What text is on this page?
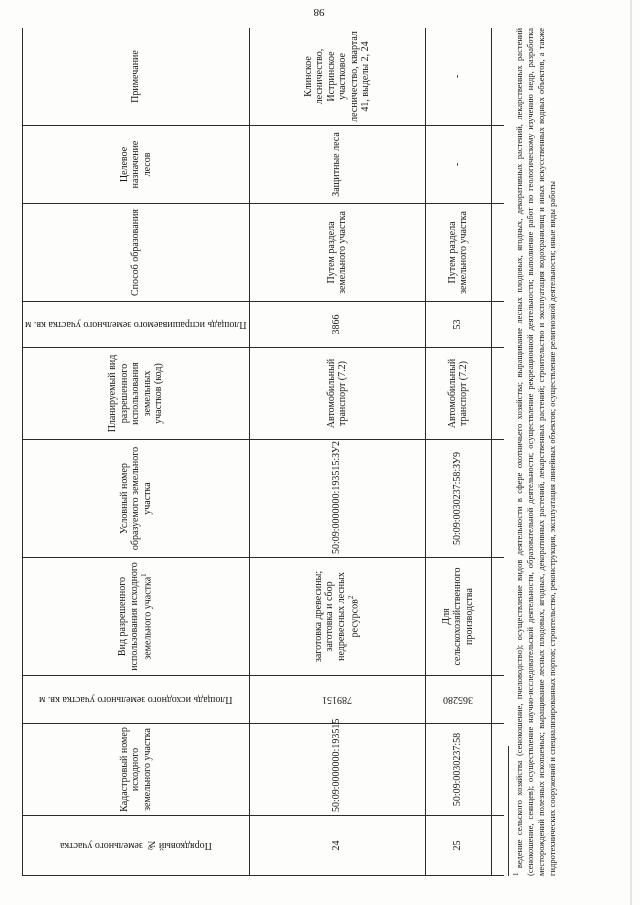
98
Порядковый № земельного участка	Кадастровый номер исходного земельного участка	Площадь исходного земельного участка кв. м	Вид разрешенного использования исходного земельного участка$^1$	Условный номер образуемого земельного участка	Планируемый вид разрешенного использования земельных участков (код)	Площадь испрашиваемого земельного участка кв. м	Способ образования	Целевое назначение лесов	Примечание
24	50:09:0000000:193515	789151	заготовка древесины; заготовка и сбор недревесных лесных ресурсов$^2$	50:09:0000000:193515:ЗУ2	Автомобильный транспорт (7.2)	3866	Путем раздела земельного участка	Защитные леса	Клинское лесничество, Истринское участковое лесничество, квартал 41, выделы 2, 24
25	50:09:0030237:58	365280	Для сельскохозяйственного производства	50:09:0030237:58:ЗУ9	Автомобильный транспорт (7.2)	53	Путем раздела земельного участка	-	-

$^1$ ведение сельского хозяйства (сенокошение, пчеловодство); осуществление видов деятельности в сфере охотничьего хозяйства; выращивание лесных плодовых, ягодных, декоративных растений, лекарственных растений (сенокошение, сеянцев); осуществление научно-исследовательской деятельности, образовательной деятельности; осуществление рекреационной деятельности; выполнение работ по геологическому изучению недр, разработка месторождений полезных ископаемых; выращивание лесных плодовых, ягодных, декоративных растений, лекарственных растений; строительство и эксплуатация водохранилищ и иных искусственных водных объектов, а также гидротехнических сооружений и специализированных портов; строительство, реконструкция, эксплуатация линейных объектов; осуществление религиозной деятельности; иные виды работы
